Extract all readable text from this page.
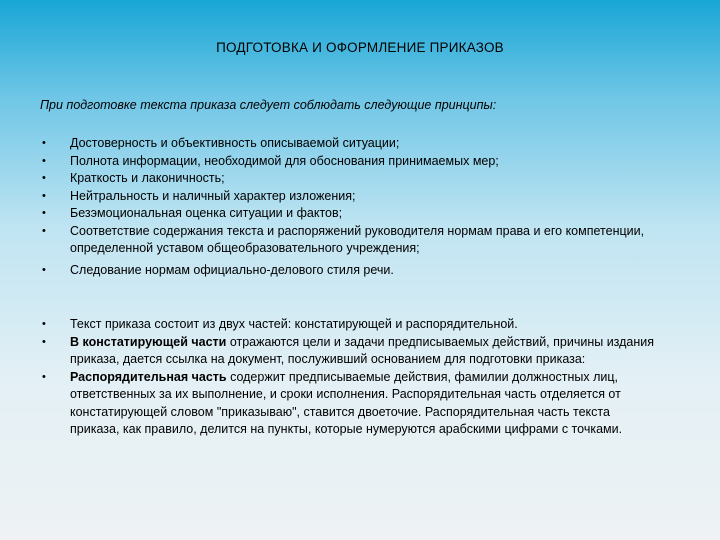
ПОДГОТОВКА И ОФОРМЛЕНИЕ ПРИКАЗОВ
При подготовке текста приказа следует соблюдать следующие принципы:
• Достоверность и объективность описываемой ситуации;
• Полнота информации, необходимой для обоснования принимаемых мер;
• Краткость и лаконичность;
• Нейтральность и наличный характер изложения;
• Безэмоциональная оценка ситуации и фактов;
• Соответствие содержания текста и распоряжений руководителя нормам права и его компетенции, определенной уставом общеобразовательного учреждения;
• Следование нормам официально-делового стиля речи.
• Текст приказа состоит из двух частей: констатирующей и распорядительной.
• В констатирующей части отражаются цели и задачи предписываемых действий, причины издания приказа, дается ссылка на документ, послуживший основанием для подготовки приказа:
• Распорядительная часть содержит предписываемые действия, фамилии должностных лиц, ответственных за их выполнение, и сроки исполнения. Распорядительная часть отделяется от констатирующей словом "приказываю", ставится двоеточие. Распорядительная часть текста приказа, как правило, делится на пункты, которые нумеруются арабскими цифрами с точками.
